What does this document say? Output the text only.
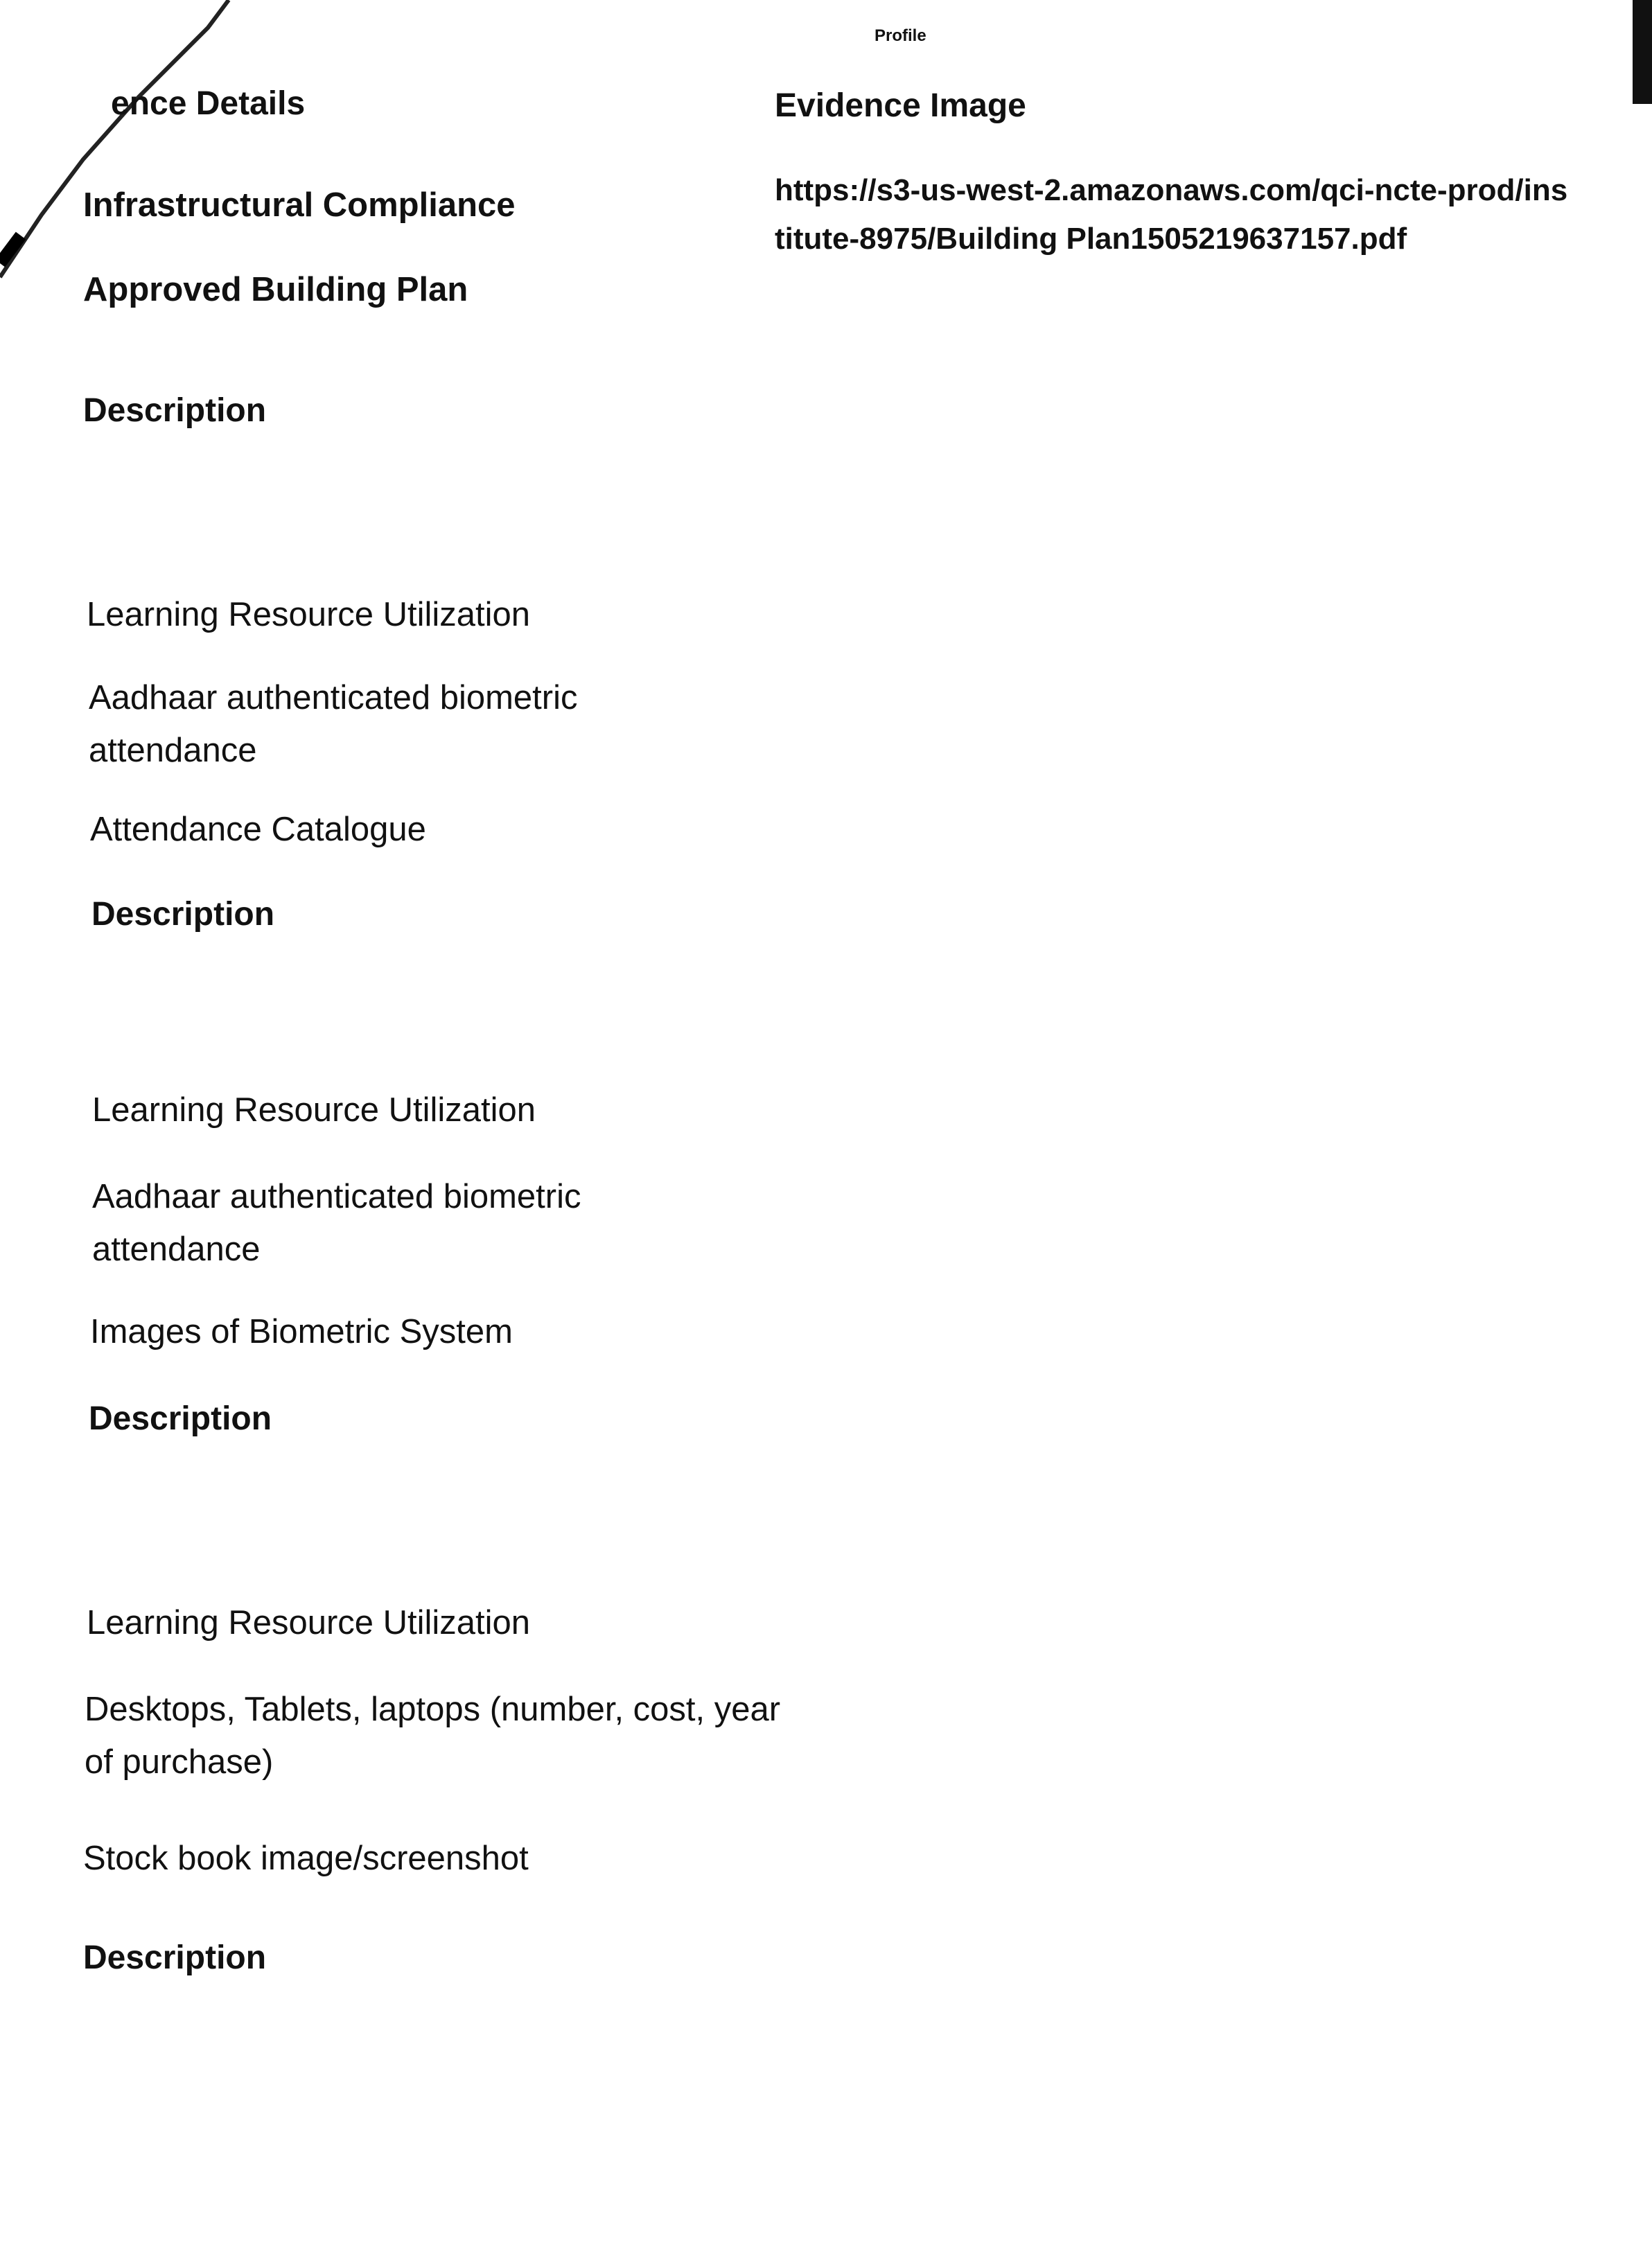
Profile
ence Details	Evidence Image
https://s3-us-west-2.amazonaws.com/qci-ncte-prod/institute-8975/Building Plan1505219637157.pdf
Infrastructural Compliance
Approved Building Plan
Description
Learning Resource Utilization
Aadhaar authenticated biometric attendance
Attendance Catalogue
Description
Learning Resource Utilization
Aadhaar authenticated biometric attendance
Images of Biometric System
Description
Learning Resource Utilization
Desktops, Tablets, laptops (number, cost, year of purchase)
Stock book image/screenshot
Description
